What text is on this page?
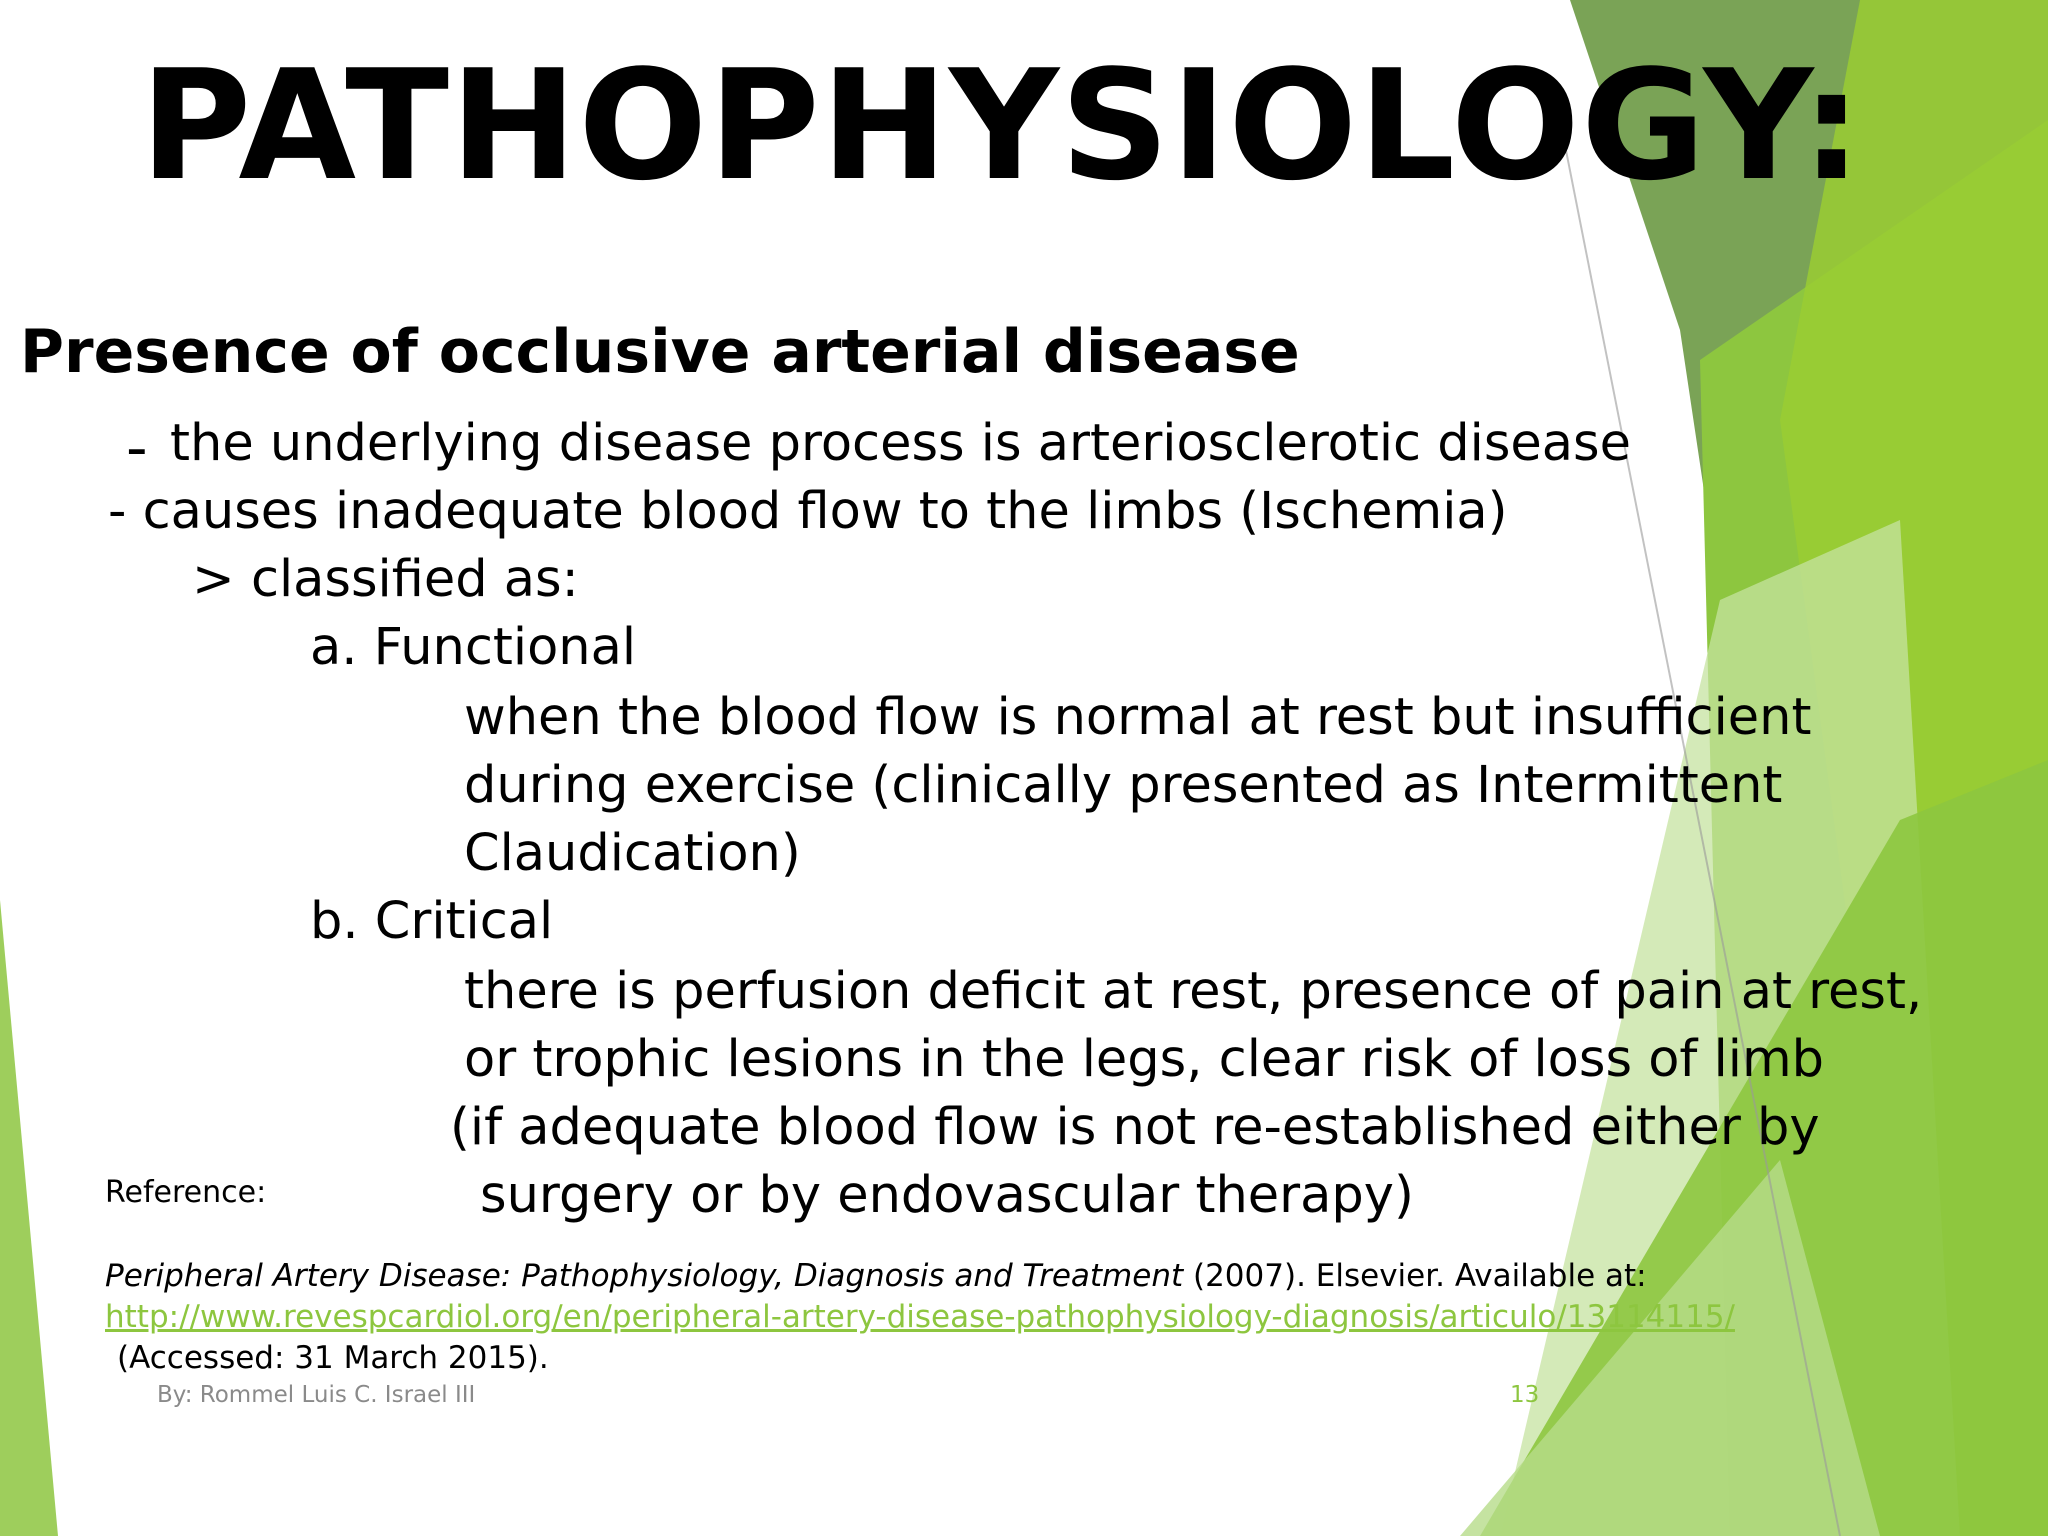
PATHOPHYSIOLOGY:
Presence of occlusive arterial disease
- the underlying disease process is arteriosclerotic disease
- causes inadequate blood flow to the limbs (Ischemia)
> classified as:
a. Functional
when the blood flow is normal at rest but insufficient
during exercise (clinically presented as Intermittent
Claudication)
b. Critical
there is perfusion deficit at rest, presence of pain at rest,
or trophic lesions in the legs, clear risk of loss of limb
(if adequate blood flow is not re-established either by
surgery or by endovascular therapy)
Reference:
Peripheral Artery Disease: Pathophysiology, Diagnosis and Treatment (2007). Elsevier. Available at:
http://www.revespcardiol.org/en/peripheral-artery-disease-pathophysiology-diagnosis/articulo/13114115/
(Accessed: 31 March 2015).
By: Rommel Luis C. Israel III	13
